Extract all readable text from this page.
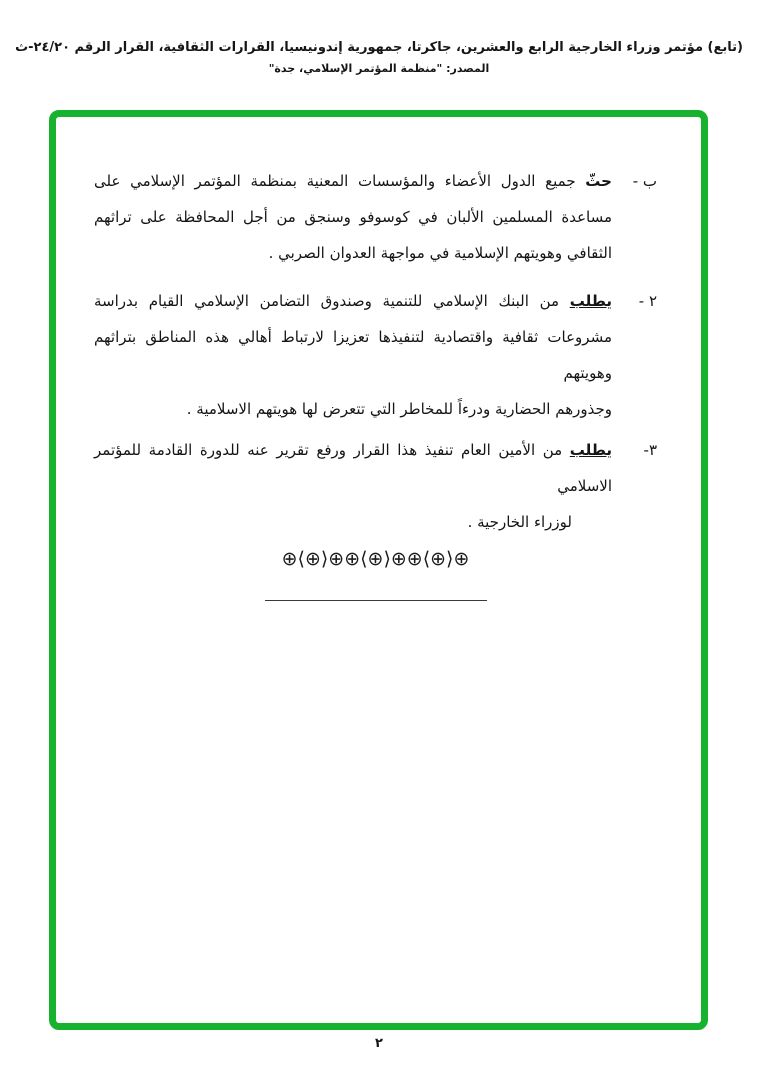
(تابع) مؤتمر وزراء الخارجية الرابع والعشرين، جاكرتا، جمهورية إندونيسيا، القرارات الثقافية، القرار الرقم ٢٤/٢٠-ث
المصدر: "منظمة المؤتمر الإسلامي، جدة"
ب -
حثّ جميع الدول الأعضاء والمؤسسات المعنية بمنظمة المؤتمر الإسلامي على
مساعدة المسلمين الألبان في كوسوفو وسنجق من أجل المحافظة على تراثهم
الثقافي وهويتهم الإسلامية في مواجهة العدوان الصربي .
٢ -
يطلب من البنك الإسلامي للتنمية وصندوق التضامن الإسلامي القيام بدراسة
مشروعات ثقافية واقتصادية لتنفيذها تعزيزا لارتباط أهالي هذه المناطق بتراثهم وهويتهم
وجذورهم الحضارية ودرءاً للمخاطر التي تتعرض لها هويتهم الاسلامية .
٣-
يطلب من الأمين العام تنفيذ هذا القرار ورفع تقرير عنه للدورة القادمة للمؤتمر الاسلامي
لوزراء الخارجية .
⊕⟨⊕⟩⊕⊕⟨⊕⟩⊕⊕⟨⊕⟩⊕
٢
